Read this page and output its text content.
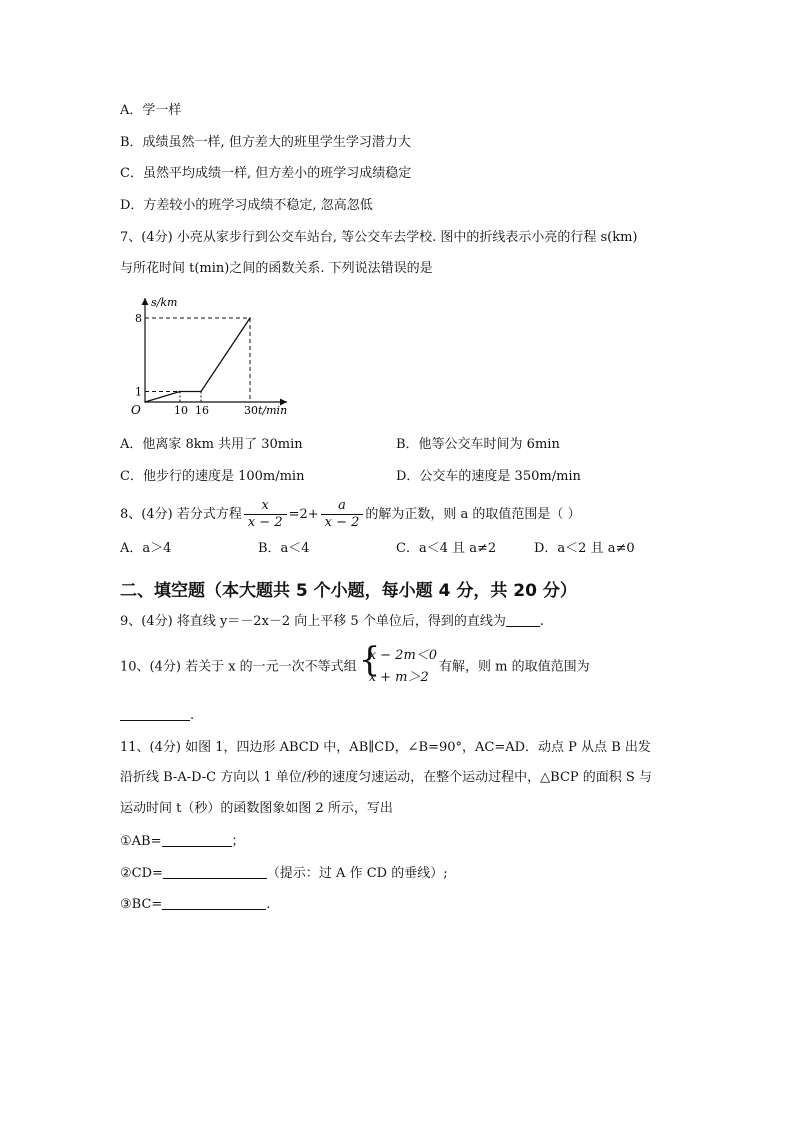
A．学一样
B．成绩虽然一样, 但方差大的班里学生学习潜力大
C．虽然平均成绩一样, 但方差小的班学习成绩稳定
D．方差较小的班学习成绩不稳定, 忽高忽低
7、(4分) 小亮从家步行到公交车站台, 等公交车去学校. 图中的折线表示小亮的行程 s(km)
与所花时间 t(min)之间的函数关系. 下列说法错误的是
10 16	30
1
8
s/km
t/min
O
A．他离家 8km 共用了 30min	B．他等公交车时间为 6min
C．他步行的速度是 100m/min	D．公交车的速度是 350m/min
8、(4分) 若分式方程 $\frac{x}{x - 2} =2+ \frac{a}{x - 2}$ 的解为正数，则 a 的取值范围是（ ）
A．a＞4	B．a＜4	C．a＜4 且 a≠2	D．a＜2 且 a≠0
二、填空题（本大题共 5 个小题，每小题 4 分，共 20 分）
9、(4分) 将直线 y＝－2x－2 向上平移 5 个单位后，得到的直线为	.
10、(4分) 若关于 x 的一元一次不等式组 {
x − 2m＜0
x + m＞2
有解，则 m 的取值范围为
.
11、(4分) 如图 1，四边形 ABCD 中，AB∥CD，∠B=90°，AC=AD．动点 P 从点 B 出发
沿折线 B-A-D-C 方向以 1 单位/秒的速度匀速运动，在整个运动过程中，△BCP 的面积 S 与
运动时间 t（秒）的函数图象如图 2 所示，写出
①AB=	；
②CD=	（提示：过 A 作 CD 的垂线）;
③BC=	.
